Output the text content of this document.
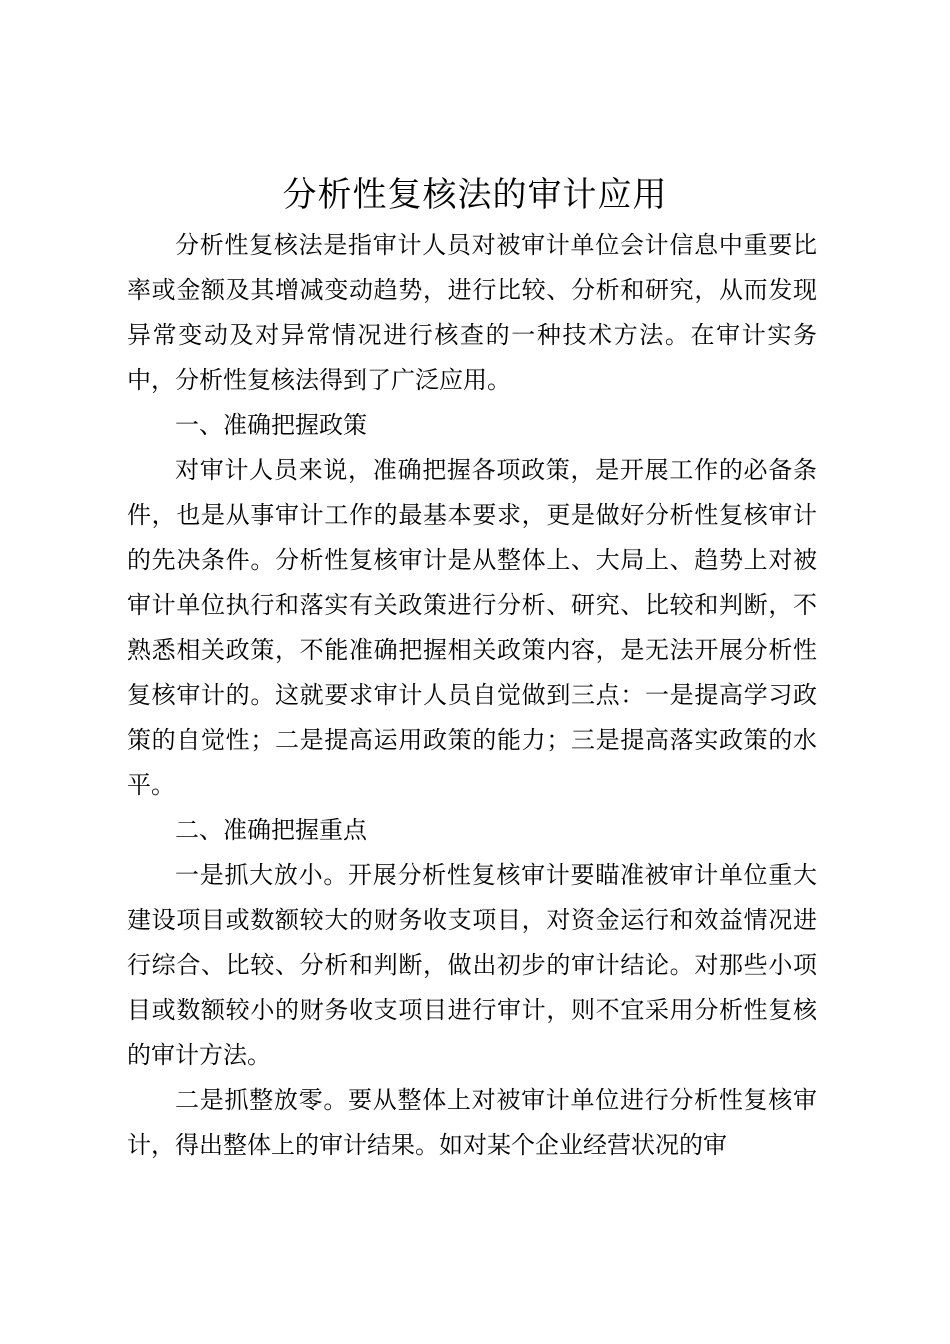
分析性复核法的审计应用

分析性复核法是指审计人员对被审计单位会计信息中重要比率或金额及其增减变动趋势，进行比较、分析和研究，从而发现异常变动及对异常情况进行核查的一种技术方法。在审计实务中，分析性复核法得到了广泛应用。

一、准确把握政策

对审计人员来说，准确把握各项政策，是开展工作的必备条件，也是从事审计工作的最基本要求，更是做好分析性复核审计的先决条件。分析性复核审计是从整体上、大局上、趋势上对被审计单位执行和落实有关政策进行分析、研究、比较和判断，不熟悉相关政策，不能准确把握相关政策内容，是无法开展分析性复核审计的。这就要求审计人员自觉做到三点：一是提高学习政策的自觉性；二是提高运用政策的能力；三是提高落实政策的水平。

二、准确把握重点

一是抓大放小。开展分析性复核审计要瞄准被审计单位重大建设项目或数额较大的财务收支项目，对资金运行和效益情况进行综合、比较、分析和判断，做出初步的审计结论。对那些小项目或数额较小的财务收支项目进行审计，则不宜采用分析性复核的审计方法。

二是抓整放零。要从整体上对被审计单位进行分析性复核审计，得出整体上的审计结果。如对某个企业经营状况的审
